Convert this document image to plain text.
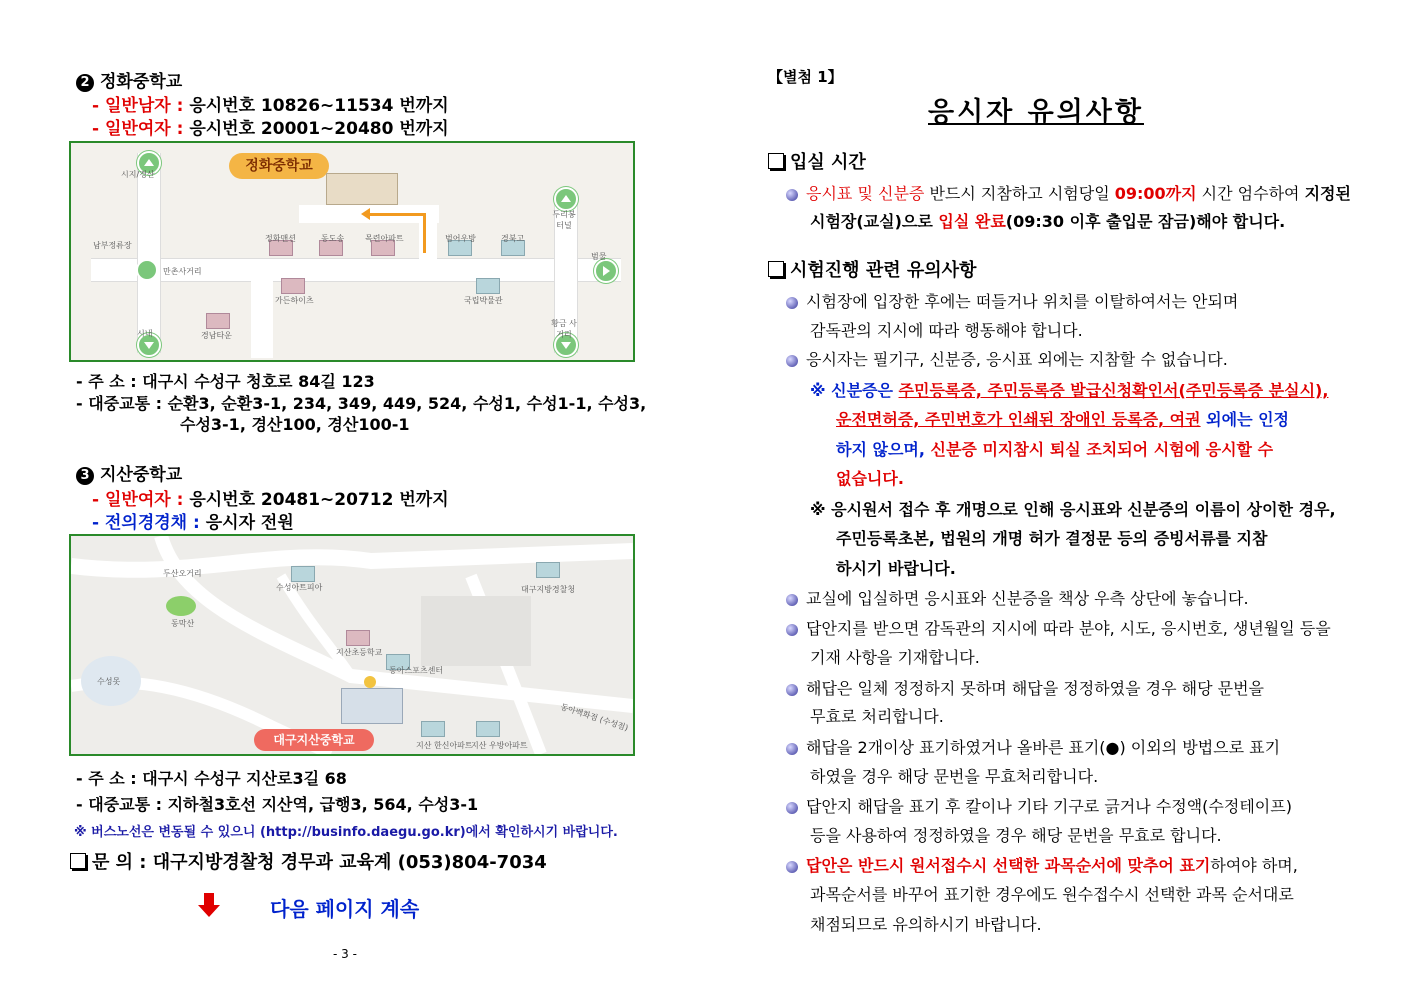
2 정화중학교
- 일반남자 : 응시번호 10826~11534 번까지
- 일반여자 : 응시번호 20001~20480 번까지
정화중학교
시지/경산
범물
두리봉 터널
남부정류장
만촌사거리
시내
황금 사거리
정화맨션	동도송	목련아파트	범어우방	경북고
가든하이츠	국립박물관
경남타운
- 주 소 : 대구시 수성구 청호로 84길 123
- 대중교통 : 순환3, 순환3-1, 234, 349, 449, 524, 수성1, 수성1-1, 수성3,
수성3-1, 경산100, 경산100-1
3 지산중학교
- 일반여자 : 응시번호 20481~20712 번까지
- 전의경경채 : 응시자 전원
대구지산중학교
두산오거리
수성아트피아	대구지방경찰청
동막산
지산초등학교
동아스포츠센터
수성못
동아백화점 (수성점)
지산 한신아파트
지산 우방아파트
- 주 소 : 대구시 수성구 지산로3길 68
- 대중교통 : 지하철3호선 지산역, 급행3, 564, 수성3-1
※ 버스노선은 변동될 수 있으니 (http://businfo.daegu.go.kr)에서 확인하시기 바랍니다.
문 의 : 대구지방경찰청 경무과 교육계 (053)804-7034
다음 페이지 계속
- 3 -
【별첨 1】
응시자 유의사항
입실 시간
응시표 및 신분증 반드시 지참하고 시험당일 09:00까지 시간 엄수하여 지정된
시험장(교실)으로 입실 완료(09:30 이후 출입문 잠금)해야 합니다.
시험진행 관련 유의사항
시험장에 입장한 후에는 떠들거나 위치를 이탈하여서는 안되며
감독관의 지시에 따라 행동해야 합니다.
응시자는 필기구, 신분증, 응시표 외에는 지참할 수 없습니다.
※ 신분증은 주민등록증, 주민등록증 발급신청확인서(주민등록증 분실시),
운전면허증, 주민번호가 인쇄된 장애인 등록증, 여권 외에는 인정
하지 않으며, 신분증 미지참시 퇴실 조치되어 시험에 응시할 수
없습니다.
※ 응시원서 접수 후 개명으로 인해 응시표와 신분증의 이름이 상이한 경우,
주민등록초본, 법원의 개명 허가 결정문 등의 증빙서류를 지참
하시기 바랍니다.
교실에 입실하면 응시표와 신분증을 책상 우측 상단에 놓습니다.
답안지를 받으면 감독관의 지시에 따라 분야, 시도, 응시번호, 생년월일 등을
기재 사항을 기재합니다.
해답은 일체 정정하지 못하며 해답을 정정하였을 경우 해당 문번을
무효로 처리합니다.
해답을 2개이상 표기하였거나 올바른 표기(●) 이외의 방법으로 표기
하였을 경우 해당 문번을 무효처리합니다.
답안지 해답을 표기 후 칼이나 기타 기구로 긁거나 수정액(수정테이프)
등을 사용하여 정정하였을 경우 해당 문번을 무효로 합니다.
답안은 반드시 원서접수시 선택한 과목순서에 맞추어 표기하여야 하며,
과목순서를 바꾸어 표기한 경우에도 원수접수시 선택한 과목 순서대로
채점되므로 유의하시기 바랍니다.
